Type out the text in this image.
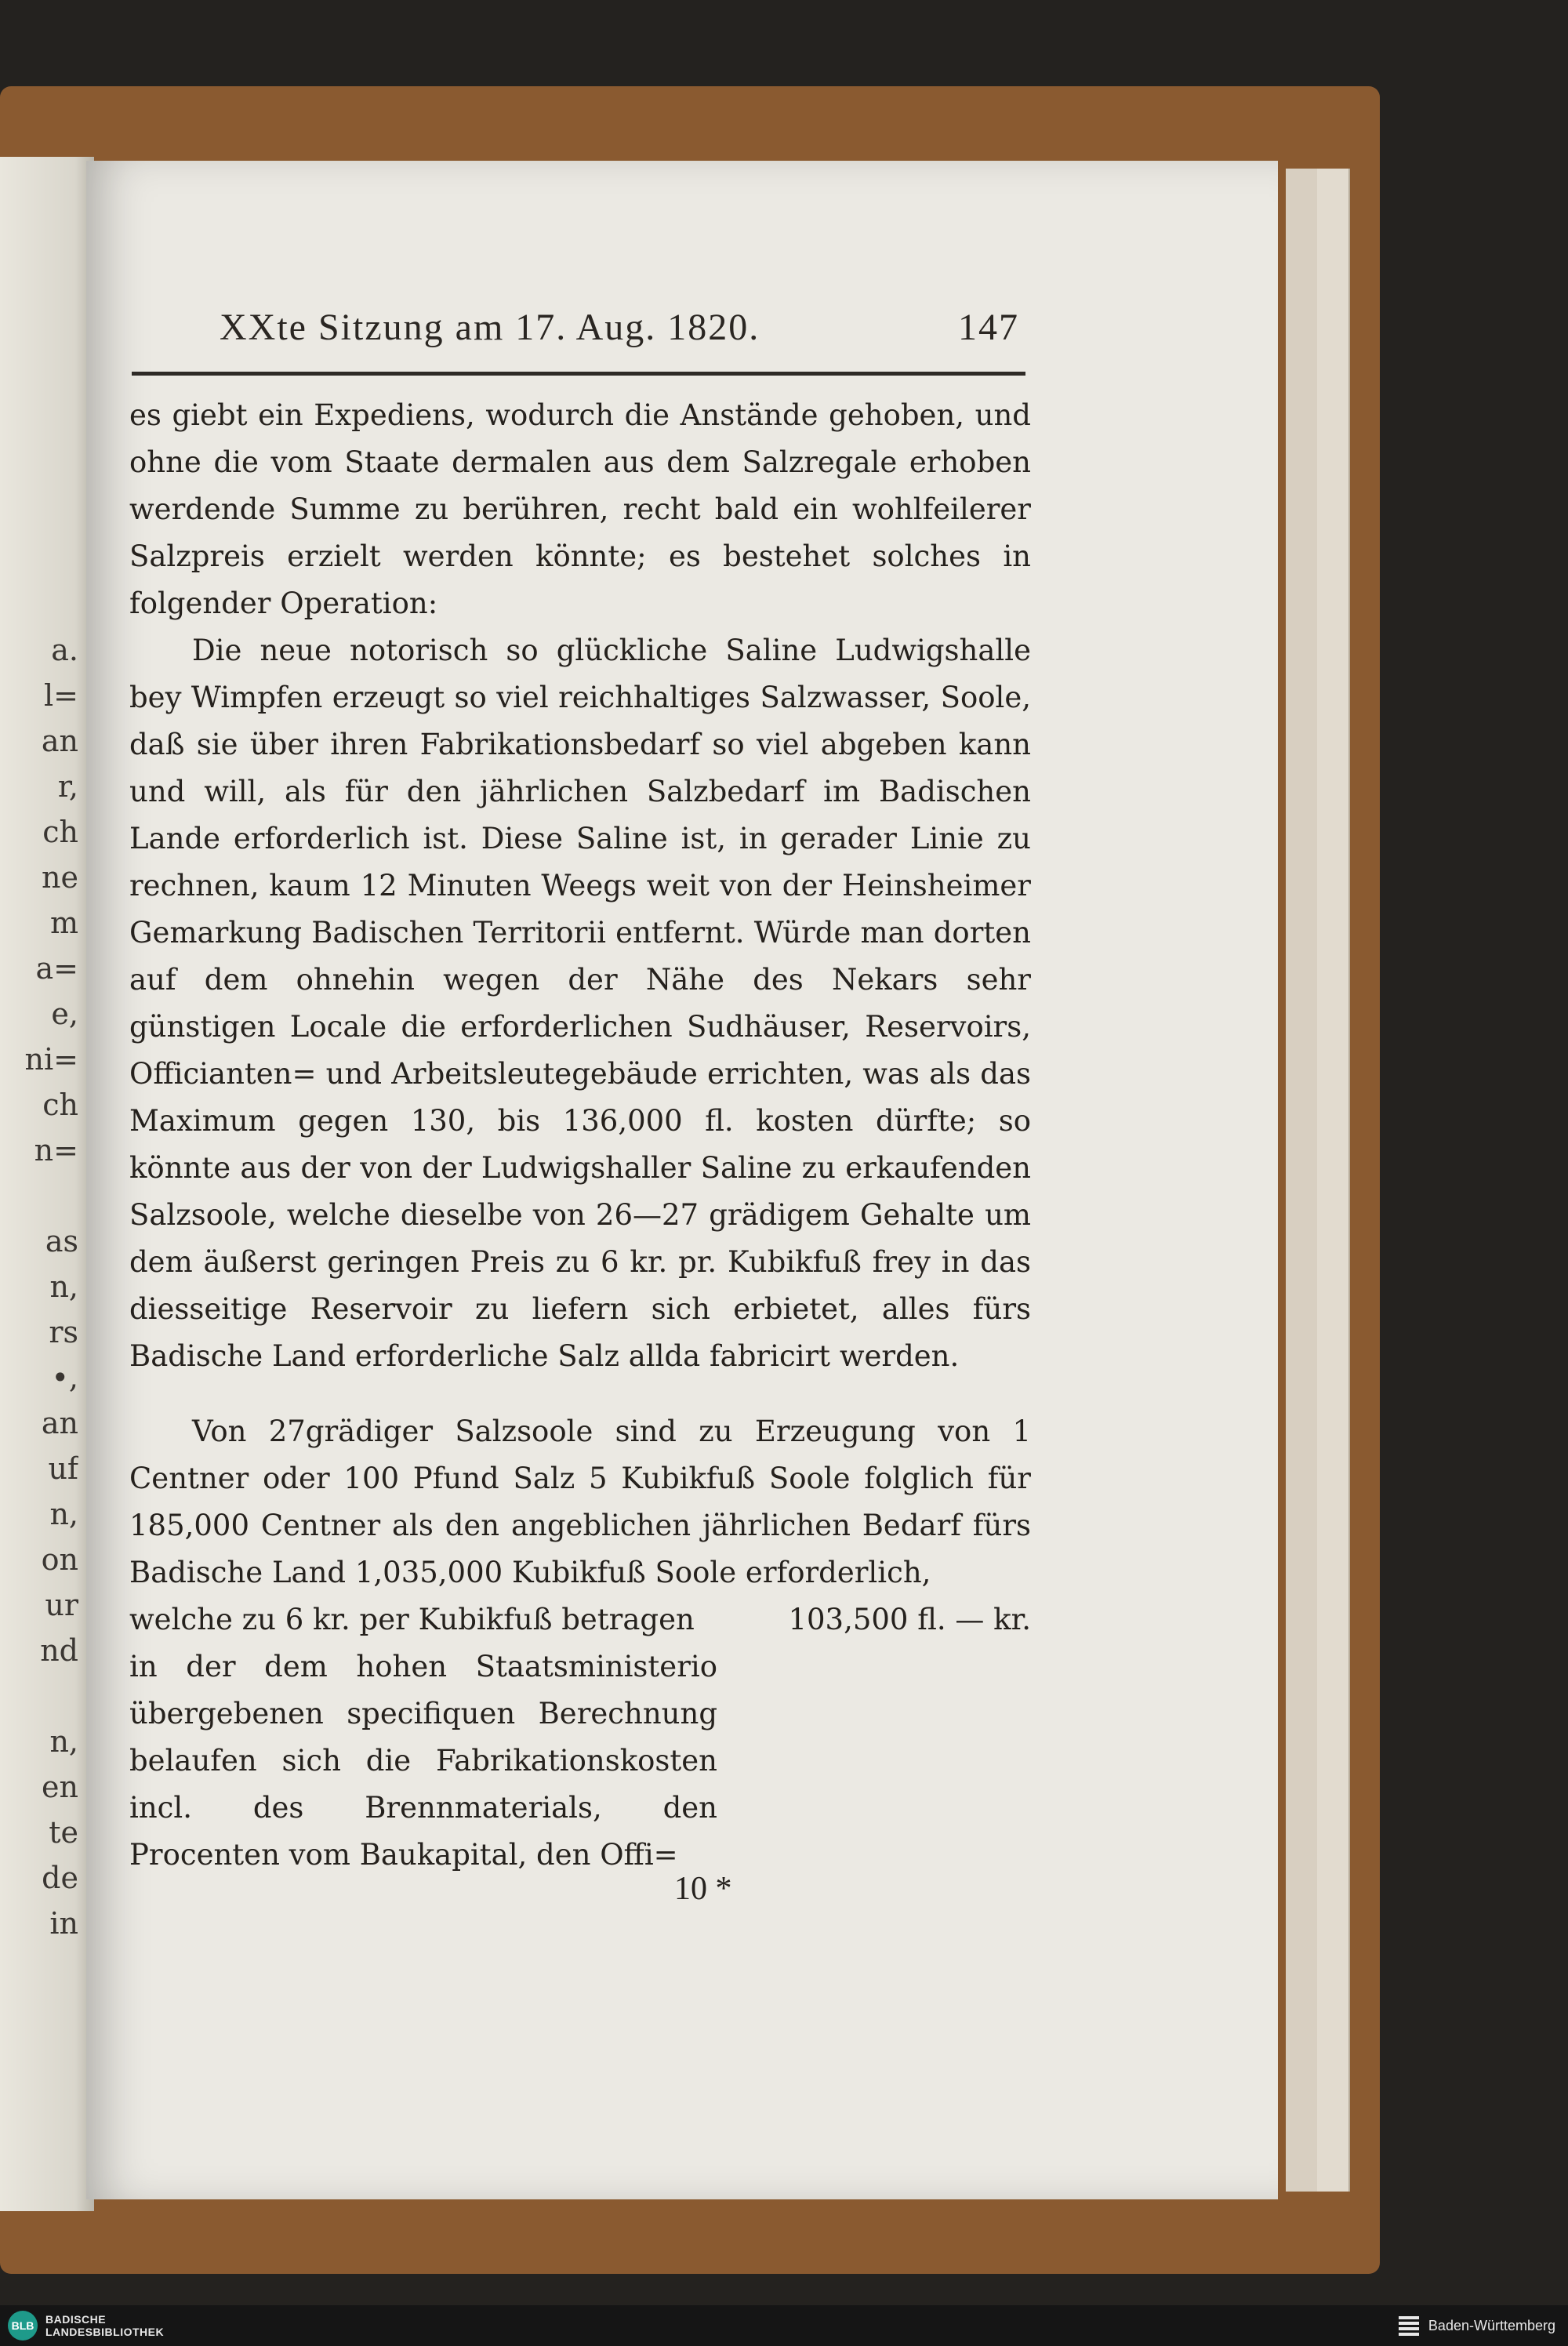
a.
l=
an
r,
ch
ne
m
a=
e,
ni=
ch
n=
as
n,
rs
•,
an
uf
n,
on
ur
nd
n,
en
te
de
in
XXte Sitzung am 17. Aug. 1820.	147

es giebt ein Expediens, wodurch die Anstände gehoben, und ohne die vom Staate dermalen aus dem Salzregale erhoben werdende Summe zu berühren, recht bald ein wohlfeilerer Salzpreis erzielt werden könnte; es bestehet solches in folgender Operation:

Die neue notorisch so glückliche Saline Ludwigshalle bey Wimpfen erzeugt so viel reichhaltiges Salzwasser, Soole, daß sie über ihren Fabrikationsbedarf so viel abgeben kann und will, als für den jährlichen Salzbedarf im Badischen Lande erforderlich ist. Diese Saline ist, in gerader Linie zu rechnen, kaum 12 Minuten Weegs weit von der Heinsheimer Gemarkung Badischen Territorii entfernt. Würde man dorten auf dem ohnehin wegen der Nähe des Nekars sehr günstigen Locale die erforderlichen Sudhäuser, Reservoirs, Officianten= und Arbeitsleutegebäude errichten, was als das Maximum gegen 130, bis 136,000 fl. kosten dürfte; so könnte aus der von der Ludwigshaller Saline zu erkaufenden Salzsoole, welche dieselbe von 26—27 grädigem Gehalte um dem äußerst geringen Preis zu 6 kr. pr. Kubikfuß frey in das diesseitige Reservoir zu liefern sich erbietet, alles fürs Badische Land erforderliche Salz allda fabricirt werden.

Von 27grädiger Salzsoole sind zu Erzeugung von 1 Centner oder 100 Pfund Salz 5 Kubikfuß Soole folglich für 185,000 Centner als den angeblichen jährlichen Bedarf fürs Badische Land 1,035,000 Kubikfuß Soole erforderlich,

welche zu 6 kr. per Kubikfuß betragen	103,500 fl. — kr.

in der dem hohen Staatsministerio übergebenen specifiquen Berechnung belaufen sich die Fabrikationskosten incl. des Brennmaterials, den Procenten vom Baukapital, den Offi=

10 *
BLB	BADISCHE
LANDESBIBLIOTHEK	Baden-Württemberg
